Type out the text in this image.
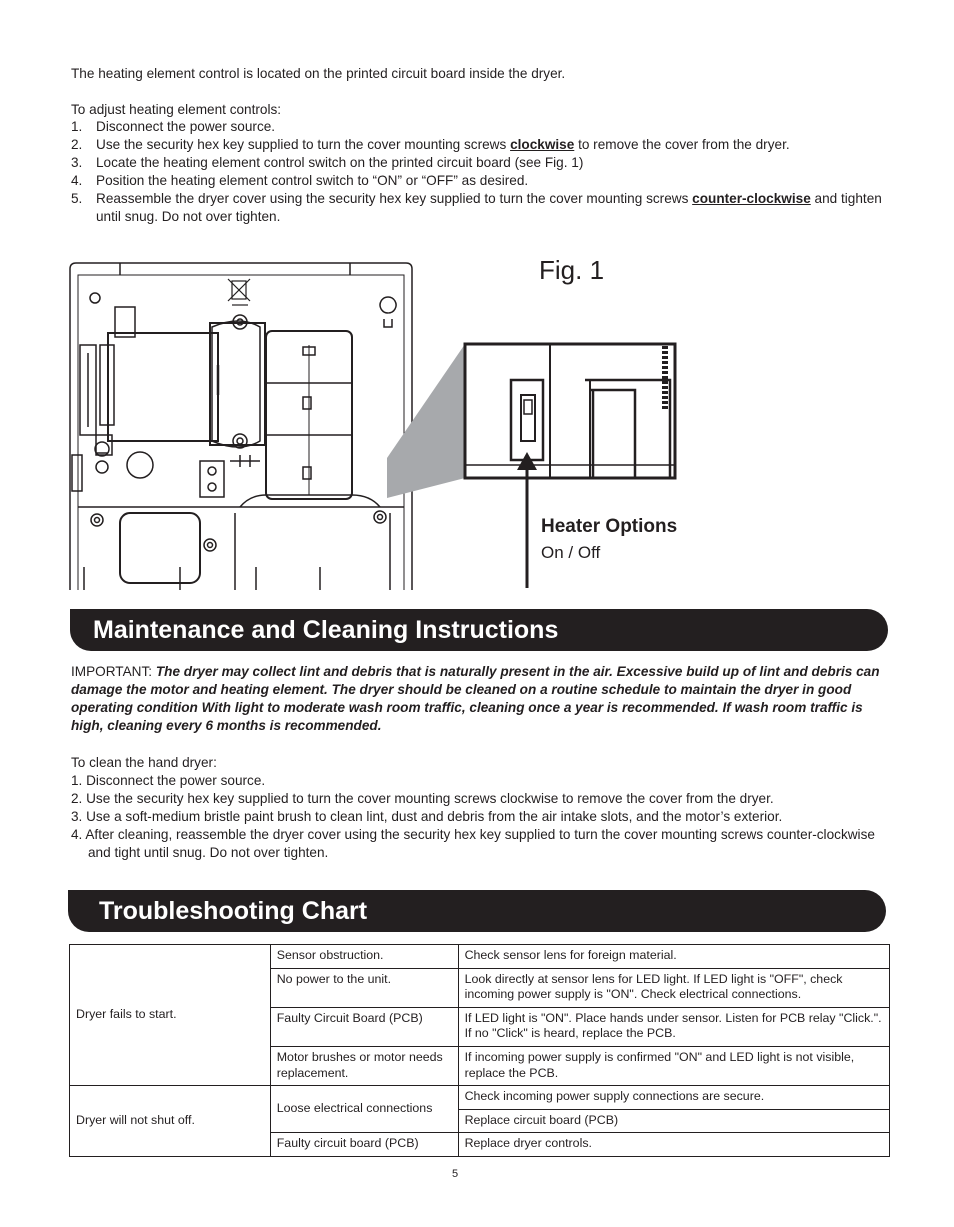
The heating element control is located on the printed circuit board inside the dryer.
To adjust heating element controls:
1. Disconnect the power source.
2. Use the security hex key supplied to turn the cover mounting screws clockwise to remove the cover from the dryer.
3. Locate the heating element control switch on the printed circuit board (see Fig. 1)
4. Position the heating element control switch to “ON” or “OFF” as desired.
5. Reassemble the dryer cover using the security hex key supplied to turn the cover mounting screws counter-clockwise and tighten until snug. Do not over tighten.
Fig. 1
Heater Options
On / Off
Maintenance and Cleaning Instructions
IMPORTANT: The dryer may collect lint and debris that is naturally present in the air. Excessive build up of lint and debris can damage the motor and heating element. The dryer should be cleaned on a routine schedule to maintain the dryer in good operating condition With light to moderate wash room traffic, cleaning once a year is recommended. If wash room traffic is high, cleaning every 6 months is recommended.
To clean the hand dryer:
1. Disconnect the power source.
2. Use the security hex key supplied to turn the cover mounting screws clockwise to remove the cover from the dryer.
3. Use a soft-medium bristle paint brush to clean lint, dust and debris from the air intake slots, and the motor’s exterior.
4. After cleaning, reassemble the dryer cover using the security hex key supplied to turn the cover mounting screws counter-clockwise and tight until snug. Do not over tighten.
Troubleshooting Chart
Dryer fails to start.	Sensor obstruction.	Check sensor lens for foreign material.
	No power to the unit.	Look directly at sensor lens for LED light. If LED light is "OFF", check incoming power supply is "ON". Check electrical connections.
	Faulty Circuit Board (PCB)	If LED light is "ON". Place hands under sensor. Listen for PCB relay "Click.". If no "Click" is heard, replace the PCB.
	Motor brushes or motor needs replacement.	If incoming power supply is confirmed "ON" and LED light is not visible, replace the PCB.
Dryer will not shut off.	Loose electrical connections	Check incoming power supply connections are secure.
		Replace circuit board (PCB)
	Faulty circuit board (PCB)	Replace dryer controls.
5
